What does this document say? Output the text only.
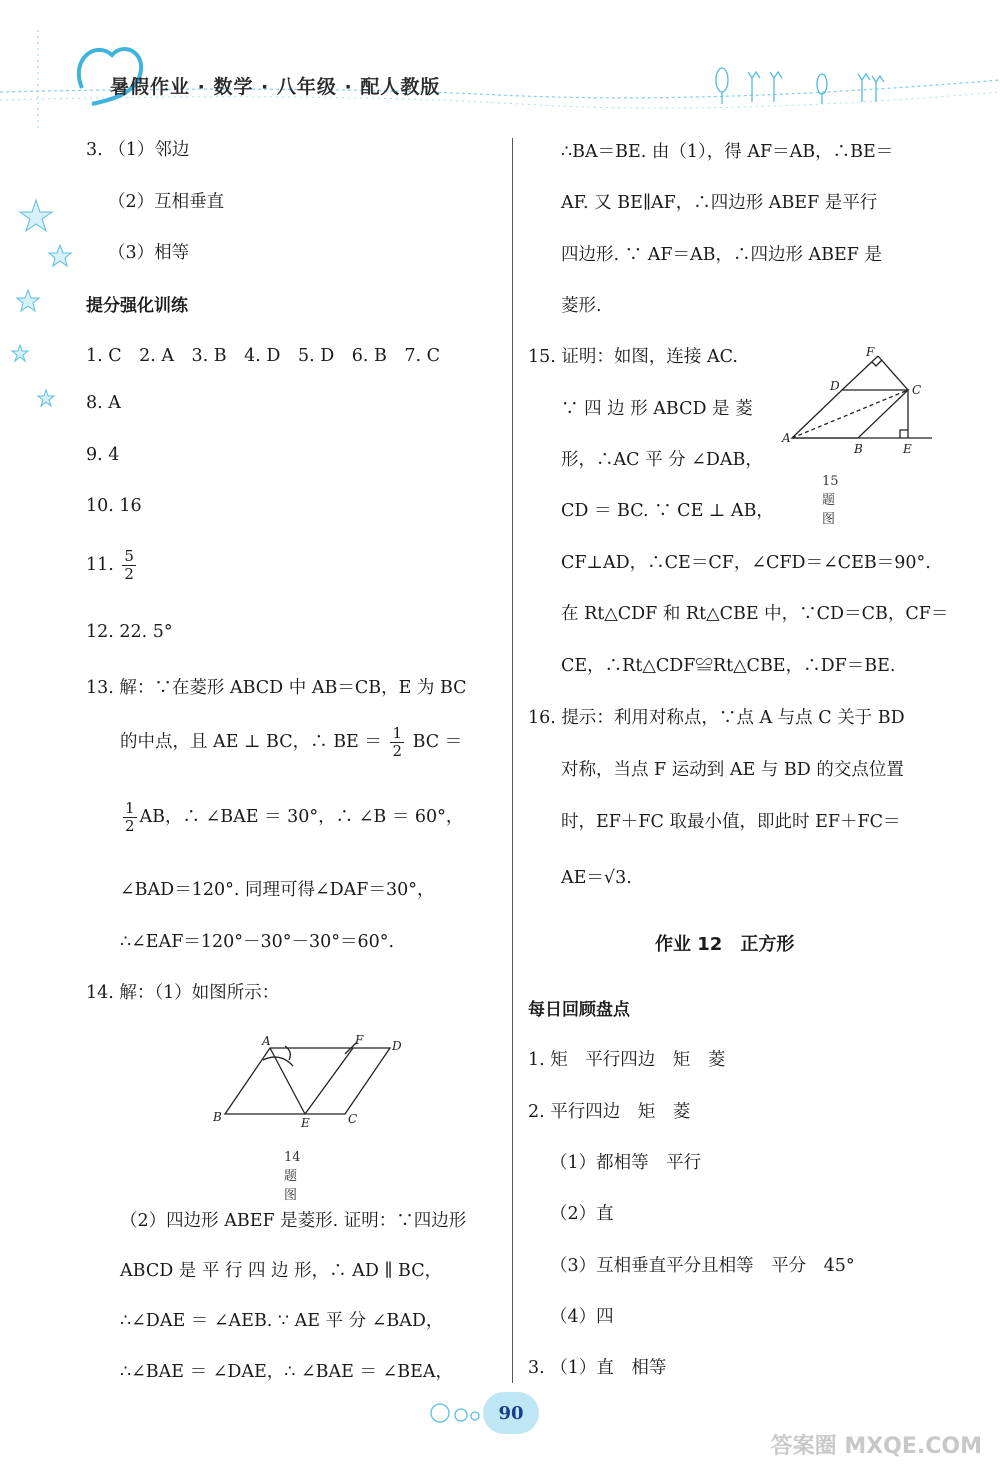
暑假作业 · 数学 · 八年级 · 配人教版
3. （1）邻边
（2）互相垂直
（3）相等
提分强化训练
1. C　2. A　3. B　4. D　5. D　6. B　7. C
8. A
9. 4
10. 16
11. $\frac{5}{2}$
12. 22. 5°
13. 解：∵在菱形 ABCD 中 AB＝CB，E 为 BC
的中点，且 AE ⊥ BC，∴ BE ＝ $\frac{1}{2}$ BC ＝
$\frac{1}{2}$ AB，∴ ∠BAE ＝ 30°，∴ ∠B ＝ 60°，
∠BAD＝120°. 同理可得∠DAF＝30°，
∴∠EAF＝120°－30°－30°＝60°.
14. 解：（1）如图所示：
A	F D
B	E	C
14 题图
（2）四边形 ABEF 是菱形. 证明：∵四边形
ABCD 是 平 行 四 边 形，∴ AD ∥ BC，
∴∠DAE ＝ ∠AEB. ∵ AE 平 分 ∠BAD，
∴∠BAE ＝ ∠DAE，∴ ∠BAE ＝ ∠BEA，
∴BA＝BE. 由（1），得 AF＝AB，∴BE＝
AF. 又 BE∥AF，∴四边形 ABEF 是平行
四边形. ∵ AF＝AB，∴四边形 ABEF 是
菱形.
15. 证明：如图，连接 AC.
∵ 四 边 形 ABCD 是 菱
形，∴AC 平 分 ∠DAB，
CD ＝ BC. ∵ CE ⊥ AB，
F
D	C
A
B	E
15 题图
CF⊥AD，∴CE＝CF，∠CFD＝∠CEB＝90°.
在 Rt△CDF 和 Rt△CBE 中，∵CD＝CB，CF＝
CE，∴Rt△CDF≌Rt△CBE，∴DF＝BE.
16. 提示：利用对称点，∵点 A 与点 C 关于 BD
对称，当点 F 运动到 AE 与 BD 的交点位置
时，EF＋FC 取最小值，即此时 EF＋FC＝
AE＝√3.
作业 12　正方形
每日回顾盘点
1. 矩　平行四边　矩　菱
2. 平行四边　矩　菱
（1）都相等　平行
（2）直
（3）互相垂直平分且相等　平分　45°
（4）四
3. （1）直　相等
90
答案圈 MXQE.COM
